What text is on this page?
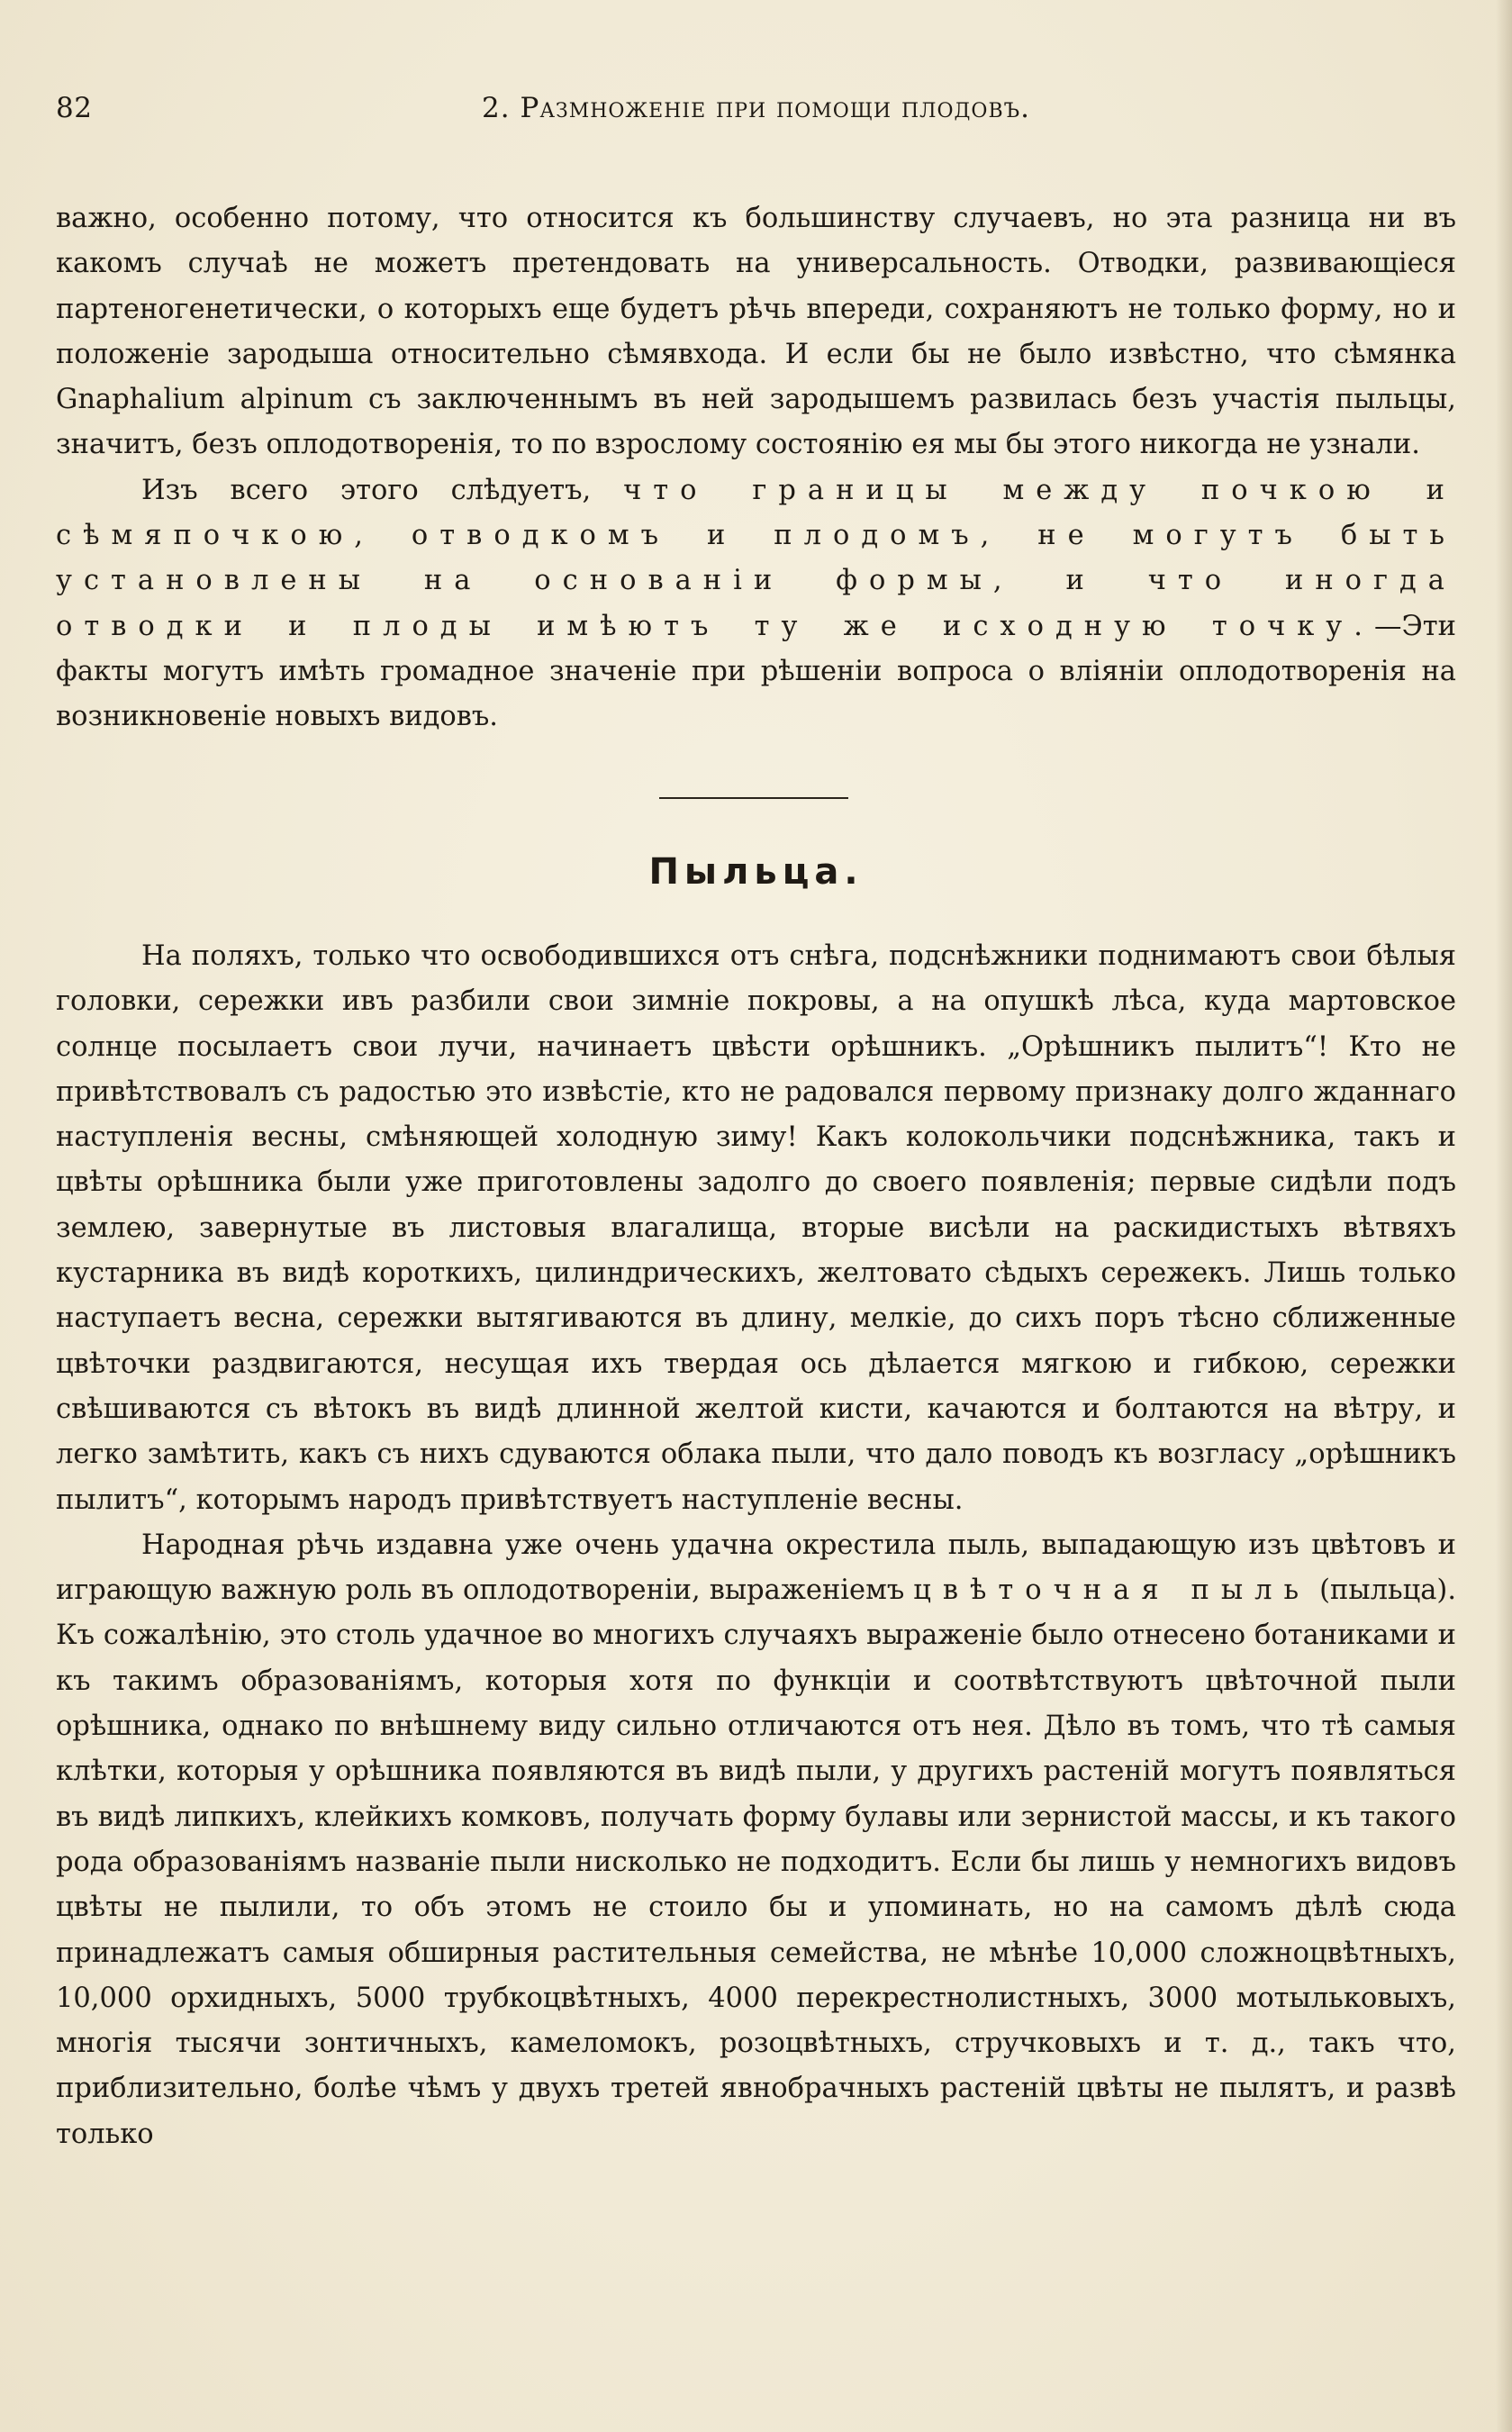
82	2. Размноженіе при помощи плодовъ.

важно, особенно потому, что относится къ большинству случаевъ, но эта разница ни въ какомъ случаѣ не можетъ претендовать на универсальность. Отводки, развивающіеся партеногенетически, о которыхъ еще будетъ рѣчь впереди, сохраняютъ не только форму, но и положеніе зародыша относительно сѣмявхода. И если бы не было извѣстно, что сѣмянка Gnaphalium alpinum съ заключеннымъ въ ней зародышемъ развилась безъ участія пыльцы, значитъ, безъ оплодотворенія, то по взрослому состоянію ея мы бы этого никогда не узнали.

Изъ всего этого слѣдуетъ, что границы между почкою и сѣмяпочкою, отводкомъ и плодомъ, не могутъ быть установлены на основаніи формы, и что иногда отводки и плоды имѣютъ ту же исходную точку.—Эти факты могутъ имѣть громадное значеніе при рѣшеніи вопроса о вліяніи оплодотворенія на возникновеніе новыхъ видовъ.

Пыльца.

На поляхъ, только что освободившихся отъ снѣга, подснѣжники поднимаютъ свои бѣлыя головки, сережки ивъ разбили свои зимніе покровы, а на опушкѣ лѣса, куда мартовское солнце посылаетъ свои лучи, начинаетъ цвѣсти орѣшникъ. „Орѣшникъ пылитъ“! Кто не привѣтствовалъ съ радостью это извѣстіе, кто не радовался первому признаку долго жданнаго наступленія весны, смѣняющей холодную зиму! Какъ колокольчики подснѣжника, такъ и цвѣты орѣшника были уже приготовлены задолго до своего появленія; первые сидѣли подъ землею, завернутые въ листовыя влагалища, вторые висѣли на раскидистыхъ вѣтвяхъ кустарника въ видѣ короткихъ, цилиндрическихъ, желтовато сѣдыхъ сережекъ. Лишь только наступаетъ весна, сережки вытягиваются въ длину, мелкіе, до сихъ поръ тѣсно сближенные цвѣточки раздвигаются, несущая ихъ твердая ось дѣлается мягкою и гибкою, сережки свѣшиваются съ вѣтокъ въ видѣ длинной желтой кисти, качаются и болтаются на вѣтру, и легко замѣтить, какъ съ нихъ сдуваются облака пыли, что дало поводъ къ возгласу „орѣшникъ пылитъ“, которымъ народъ привѣтствуетъ наступленіе весны.

Народная рѣчь издавна уже очень удачна окрестила пыль, выпадающую изъ цвѣтовъ и играющую важную роль въ оплодотвореніи, выраженіемъ цвѣточная пыль (пыльца). Къ сожалѣнію, это столь удачное во многихъ случаяхъ выраженіе было отнесено ботаниками и къ такимъ образованіямъ, которыя хотя по функціи и соотвѣтствуютъ цвѣточной пыли орѣшника, однако по внѣшнему виду сильно отличаются отъ нея. Дѣло въ томъ, что тѣ самыя клѣтки, которыя у орѣшника появляются въ видѣ пыли, у другихъ растеній могутъ появляться въ видѣ липкихъ, клейкихъ комковъ, получать форму булавы или зернистой массы, и къ такого рода образованіямъ названіе пыли нисколько не подходитъ. Если бы лишь у немногихъ видовъ цвѣты не пылили, то объ этомъ не стоило бы и упоминать, но на самомъ дѣлѣ сюда принадлежатъ самыя обширныя растительныя семейства, не мѣнѣе 10,000 сложноцвѣтныхъ, 10,000 орхидныхъ, 5000 трубкоцвѣтныхъ, 4000 перекрестнолистныхъ, 3000 мотыльковыхъ, многія тысячи зонтичныхъ, камеломокъ, розоцвѣтныхъ, стручковыхъ и т. д., такъ что, приблизительно, болѣе чѣмъ у двухъ третей явнобрачныхъ растеній цвѣты не пылятъ, и развѣ только
